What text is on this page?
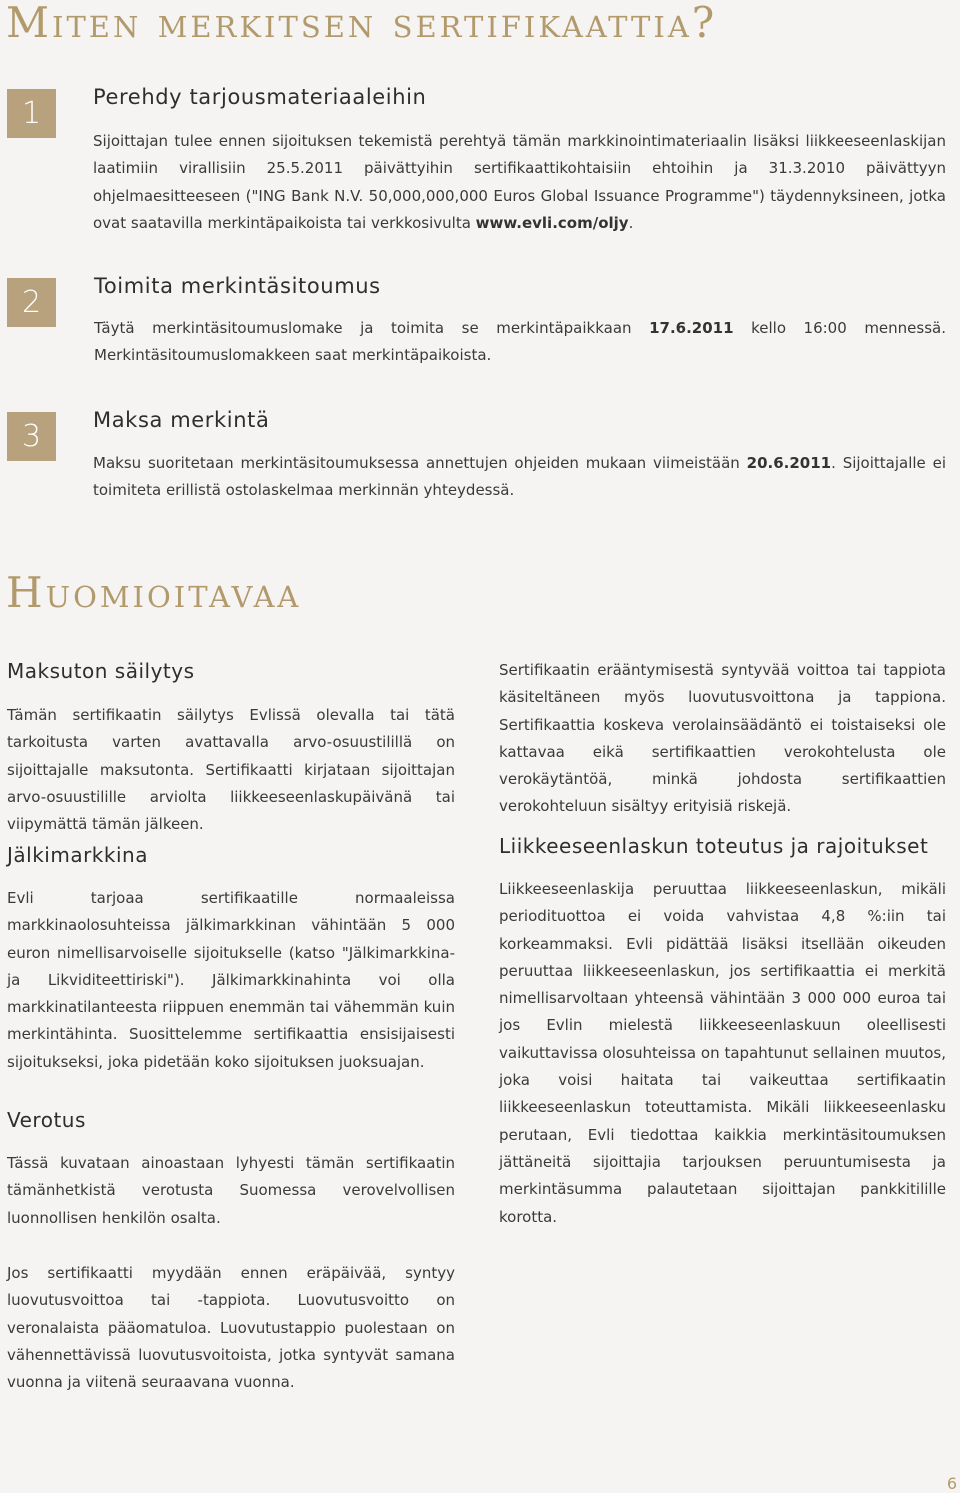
Miten merkitsen sertifikaattia?
1	Perehdy tarjousmateriaaleihin

Sijoittajan tulee ennen sijoituksen tekemistä perehtyä tämän markkinointimateriaalin lisäksi liikkeeseenlaskijan laatimiin virallisiin 25.5.2011 päivättyihin sertifikaattikohtaisiin ehtoihin ja 31.3.2010 päivättyyn ohjelmaesitteeseen ("ING Bank N.V. 50,000,000,000 Euros Global Issuance Programme") täydennyksineen, jotka ovat saatavilla merkintäpaikoista tai verkkosivulta www.evli.com/oljy.

2	Toimita merkintäsitoumus

Täytä merkintäsitoumuslomake ja toimita se merkintäpaikkaan 17.6.2011 kello 16:00 mennessä. Merkintäsitoumuslomakkeen saat merkintäpaikoista.

3	Maksa merkintä

Maksu suoritetaan merkintäsitoumuksessa annettujen ohjeiden mukaan viimeistään 20.6.2011. Sijoittajalle ei toimiteta erillistä ostolaskelmaa merkinnän yhteydessä.

Huomioitavaa
Maksuton säilytys

Tämän sertifikaatin säilytys Evlissä olevalla tai tätä tarkoitusta varten avattavalla arvo-osuustilillä on sijoittajalle maksutonta. Sertifikaatti kirjataan sijoittajan arvo-osuustilille arviolta liikkeeseenlaskupäivänä tai viipymättä tämän jälkeen.

Jälkimarkkina

Evli tarjoaa sertifikaatille normaaleissa markkinaolosuhteissa jälkimarkkinan vähintään 5 000 euron nimellisarvoiselle sijoitukselle (katso "Jälkimarkkina- ja Likviditeettiriski"). Jälkimarkkinahinta voi olla markkinatilanteesta riippuen enemmän tai vähemmän kuin merkintähinta. Suosittelemme sertifikaattia ensisijaisesti sijoitukseksi, joka pidetään koko sijoituksen juoksuajan.

Verotus

Tässä kuvataan ainoastaan lyhyesti tämän sertifikaatin tämänhetkistä verotusta Suomessa verovelvollisen luonnollisen henkilön osalta.

Jos sertifikaatti myydään ennen eräpäivää, syntyy luovutusvoittoa tai -tappiota. Luovutusvoitto on veronalaista pääomatuloa. Luovutustappio puolestaan on vähennettävissä luovutusvoitoista, jotka syntyvät samana vuonna ja viitenä seuraavana vuonna.

Sertifikaatin erääntymisestä syntyvää voittoa tai tappiota käsiteltäneen myös luovutusvoittona ja tappiona. Sertifikaattia koskeva verolainsäädäntö ei toistaiseksi ole kattavaa eikä sertifikaattien verokohtelusta ole verokäytäntöä, minkä johdosta sertifikaattien verokohteluun sisältyy erityisiä riskejä.

Liikkeeseenlaskun toteutus ja rajoitukset

Liikkeeseenlaskija peruuttaa liikkeeseenlaskun, mikäli periodituottoa ei voida vahvistaa 4,8 %:iin tai korkeammaksi. Evli pidättää lisäksi itsellään oikeuden peruuttaa liikkeeseenlaskun, jos sertifikaattia ei merkitä nimellisarvoltaan yhteensä vähintään 3 000 000 euroa tai jos Evlin mielestä liikkeeseenlaskuun oleellisesti vaikuttavissa olosuhteissa on tapahtunut sellainen muutos, joka voisi haitata tai vaikeuttaa sertifikaatin liikkeeseenlaskun toteuttamista. Mikäli liikkeeseenlasku perutaan, Evli tiedottaa kaikkia merkintäsitoumuksen jättäneitä sijoittajia tarjouksen peruuntumisesta ja merkintäsumma palautetaan sijoittajan pankkitilille korotta.

6
